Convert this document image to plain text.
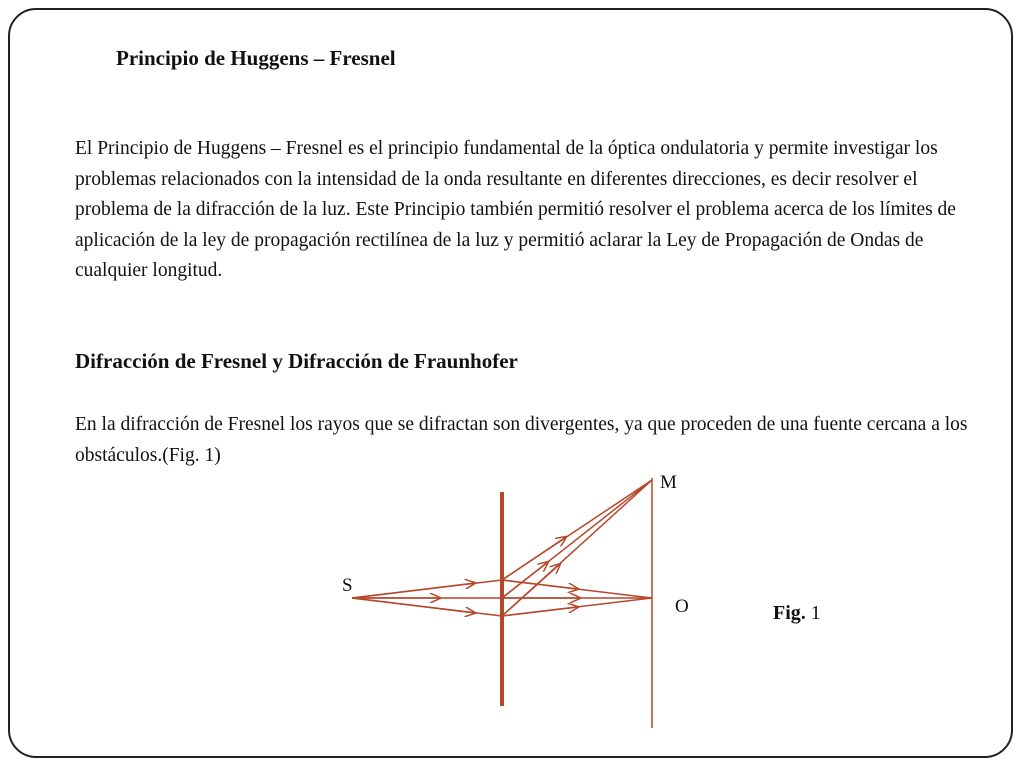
Principio de Huggens – Fresnel

El Principio de Huggens – Fresnel es el principio fundamental de la óptica ondulatoria y permite investigar los problemas relacionados con la intensidad de la onda resultante en diferentes direcciones, es decir resolver el problema de la difracción de la luz. Este Principio también permitió resolver el problema acerca de los límites de aplicación de la ley de propagación rectilínea de la luz y permitió aclarar la Ley de Propagación de Ondas de cualquier longitud.

Difracción de Fresnel y Difracción de Fraunhofer

En la difracción de Fresnel los rayos que se difractan son divergentes, ya que proceden de una fuente cercana a los obstáculos.(Fig. 1)

S
M
O	Fig. 1
